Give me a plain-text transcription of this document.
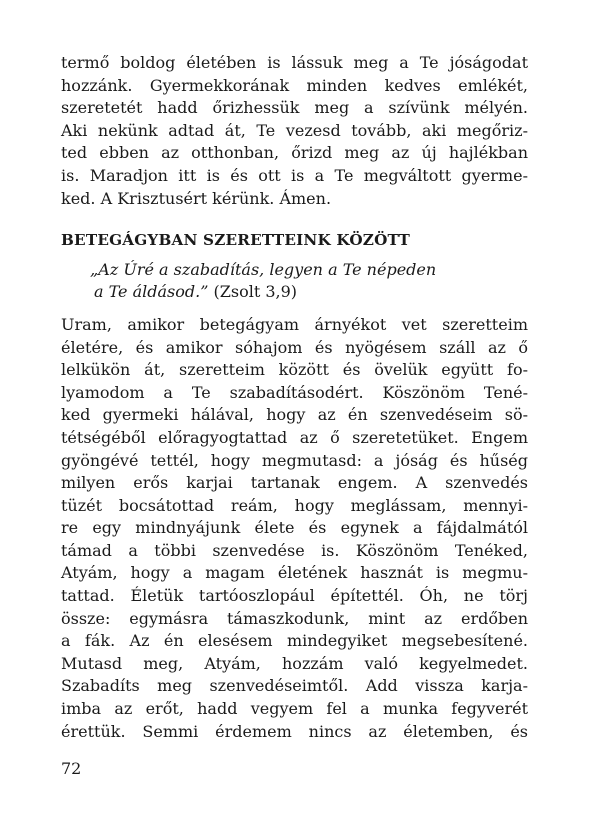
termő boldog életében is lássuk meg a Te jóságodat
hozzánk. Gyermekkorának minden kedves emlékét,
szeretetét hadd őrizhessük meg a szívünk mélyén.
Aki nekünk adtad át, Te vezesd tovább, aki megőriz-
ted ebben az otthonban, őrizd meg az új hajlékban
is. Maradjon itt is és ott is a Te megváltott gyerme-
ked. A Krisztusért kérünk. Ámen.
BETEGÁGYBAN SZERETTEINK KÖZÖTT
„Az Úré a szabadítás, legyen a Te népeden
a Te áldásod.” (Zsolt 3,9)
Uram, amikor betegágyam árnyékot vet szeretteim
életére, és amikor sóhajom és nyögésem száll az ő
lelkükön át, szeretteim között és övelük együtt fo-
lyamodom a Te szabadításodért. Köszönöm Tené-
ked gyermeki hálával, hogy az én szenvedéseim sö-
tétségéből előragyogtattad az ő szeretetüket. Engem
gyöngévé tettél, hogy megmutasd: a jóság és hűség
milyen erős karjai tartanak engem. A szenvedés
tüzét bocsátottad reám, hogy meglássam, mennyi-
re egy mindnyájunk élete és egynek a fájdalmától
támad a többi szenvedése is. Köszönöm Tenéked,
Atyám, hogy a magam életének hasznát is megmu-
tattad. Életük tartóoszlopául építettél. Óh, ne törj
össze: egymásra támaszkodunk, mint az erdőben
a fák. Az én elesésem mindegyiket megsebesítené.
Mutasd meg, Atyám, hozzám való kegyelmedet.
Szabadíts meg szenvedéseimtől. Add vissza karja-
imba az erőt, hadd vegyem fel a munka fegyverét
érettük. Semmi érdemem nincs az életemben, és
72
